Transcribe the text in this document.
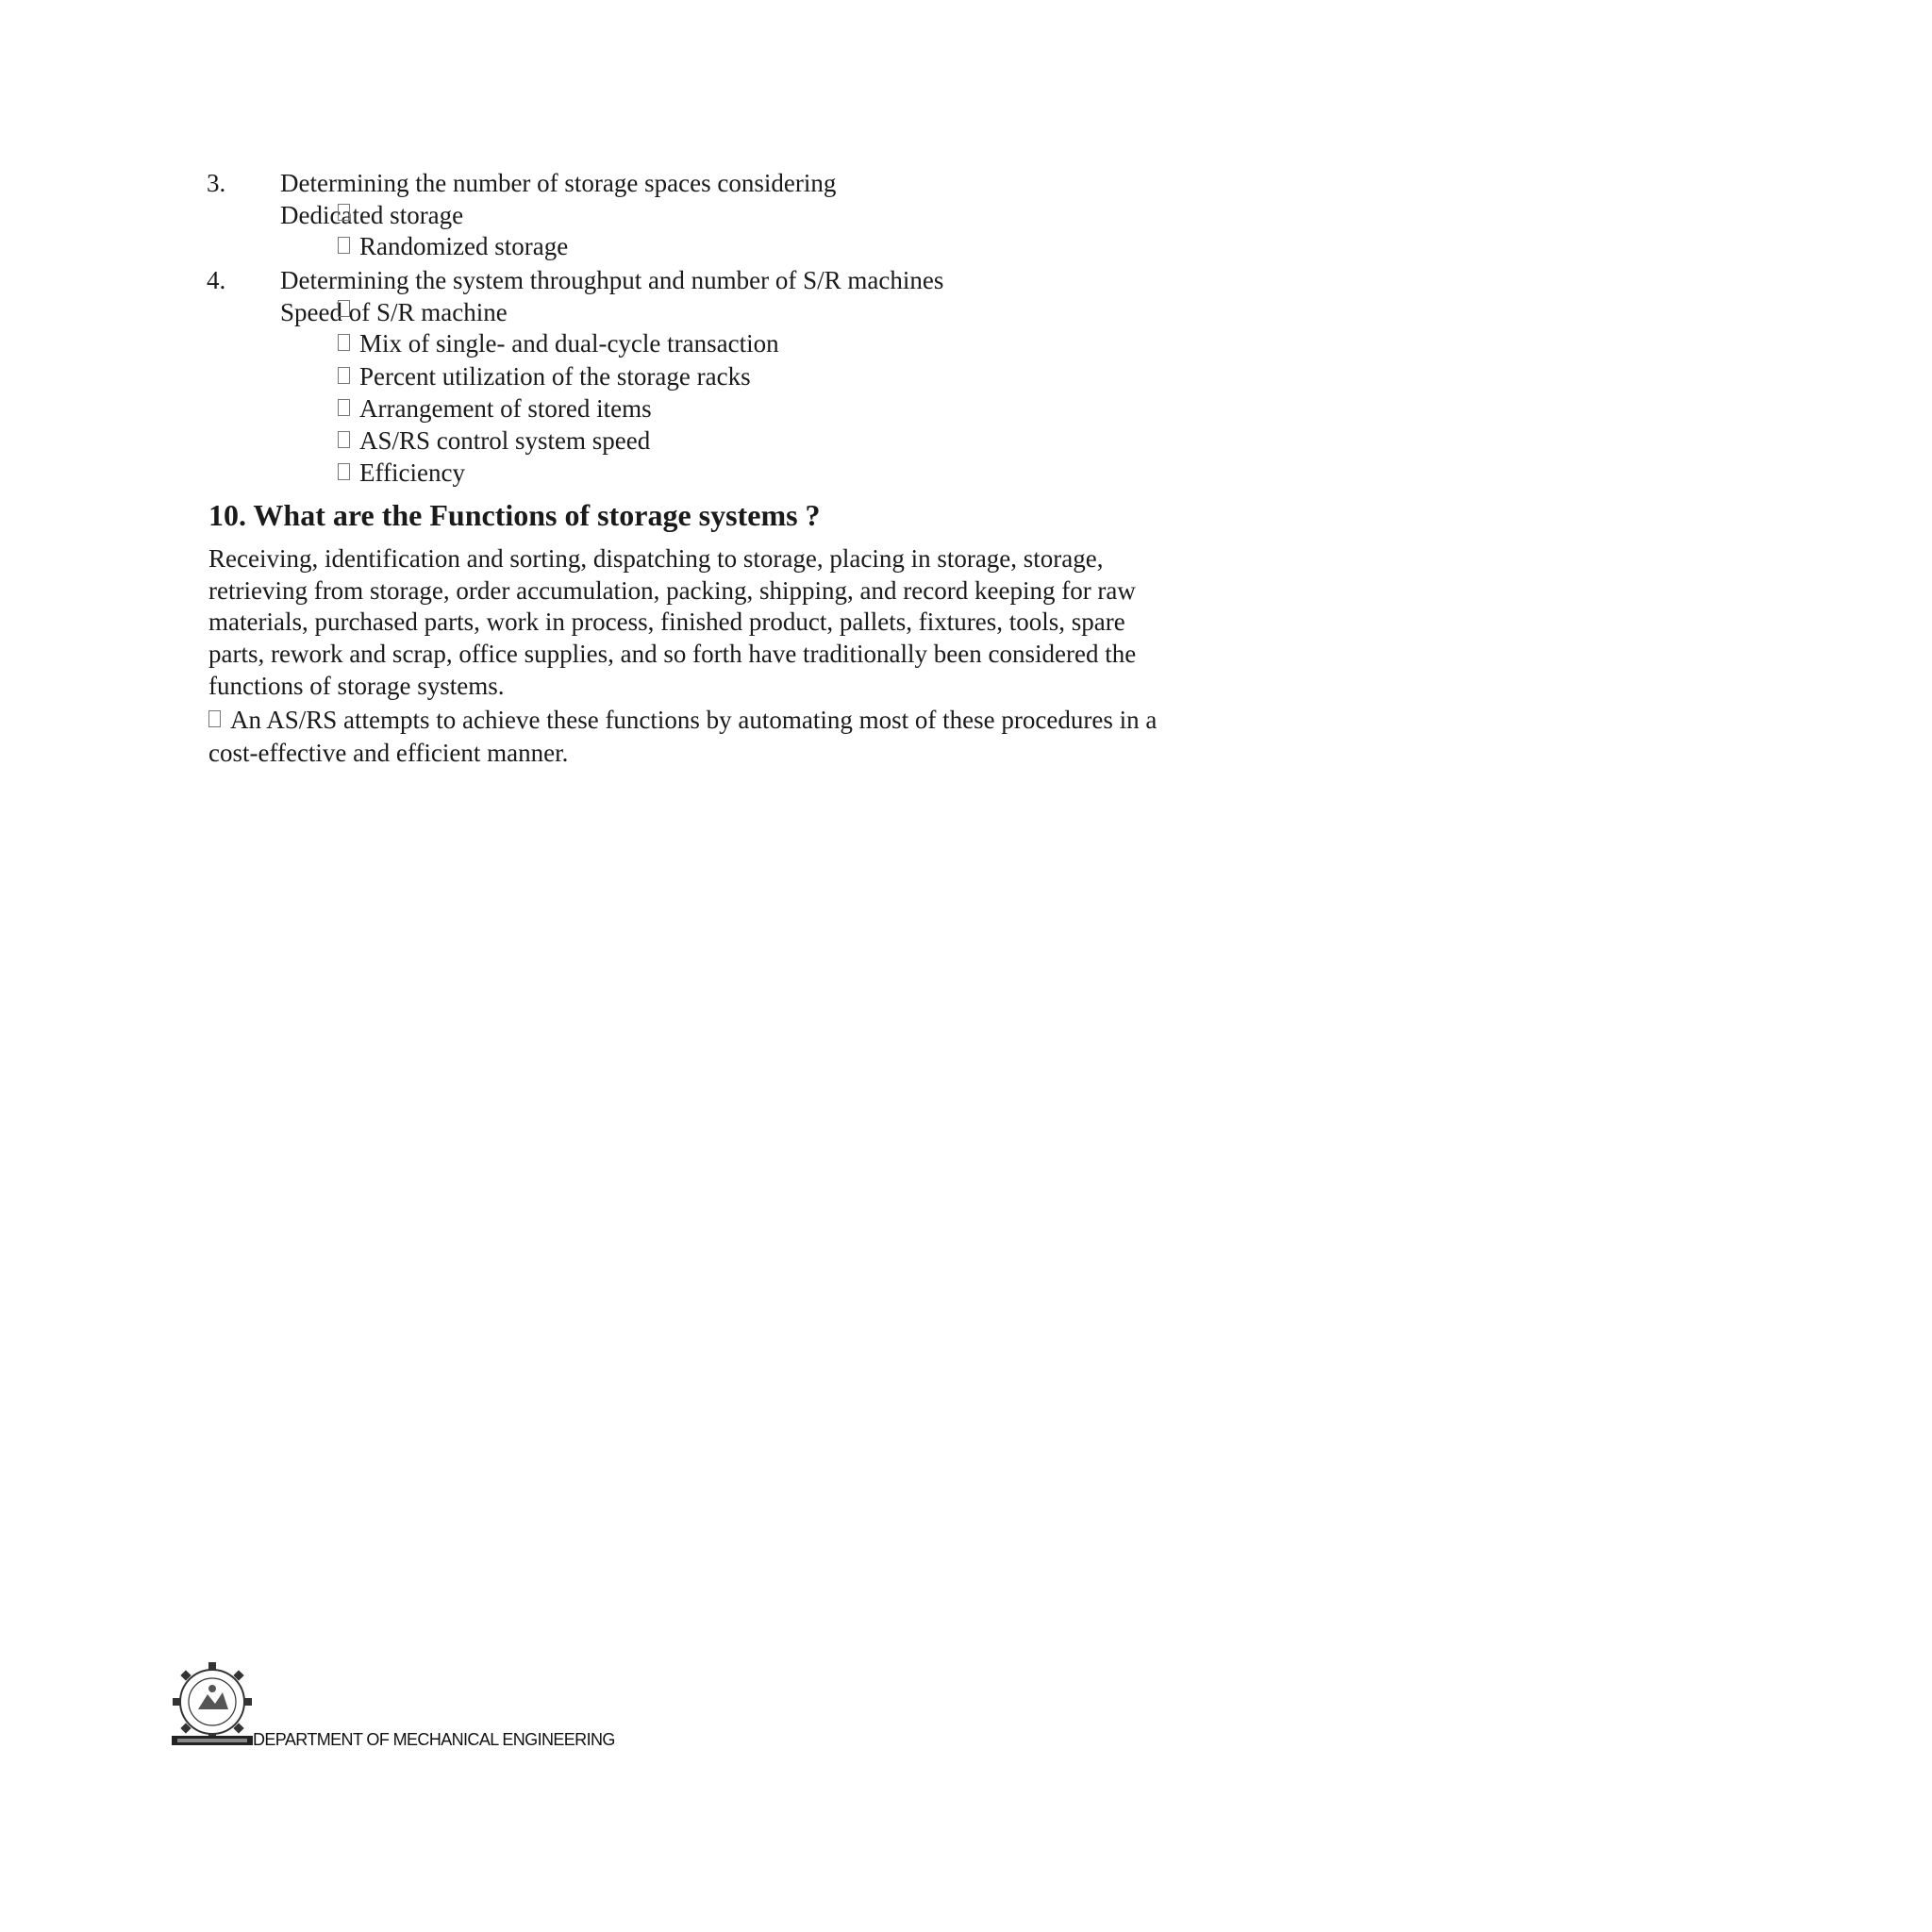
3. Determining the number of storage spaces considering
Dedicated storage
Randomized storage
4. Determining the system throughput and number of S/R machines
Speed of S/R machine
Mix of single- and dual-cycle transaction
Percent utilization of the storage racks
Arrangement of stored items
AS/RS control system speed
Efficiency
10. What are the Functions of storage systems ?
Receiving, identification and sorting, dispatching to storage, placing in storage, storage,
retrieving from storage, order accumulation, packing, shipping, and record keeping for raw
materials, purchased parts, work in process, finished product, pallets, fixtures, tools, spare
parts, rework and scrap, office supplies, and so forth have traditionally been considered the
functions of storage systems.
An AS/RS attempts to achieve these functions by automating most of these procedures in a
cost-effective and efficient manner.
DEPARTMENT OF MECHANICAL ENGINEERING
